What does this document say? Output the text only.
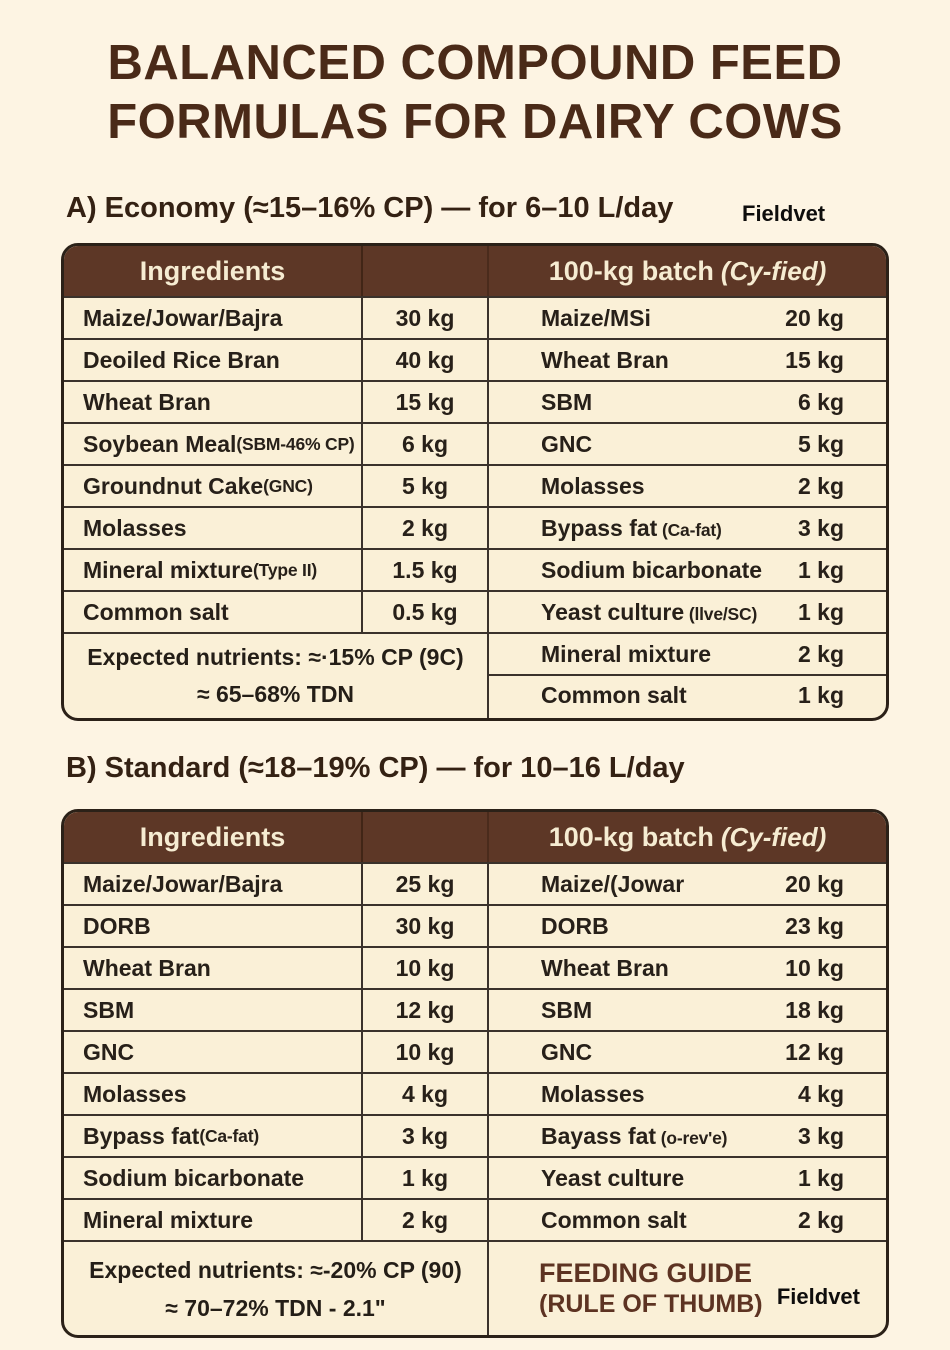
BALANCED COMPOUND FEED
FORMULAS FOR DAIRY COWS
A) Economy (≈15–16% CP) — for 6–10 L/day	Fieldvet
Ingredients	100-kg batch (Cy-fied)
Maize/Jowar/Bajra	30 kg	Maize/MSi	20 kg
Deoiled Rice Bran	40 kg	Wheat Bran	15 kg
Wheat Bran	15 kg	SBM	6 kg
Soybean Meal (SBM-46% CP)	6 kg	GNC	5 kg
Groundnut Cake (GNC)	5 kg	Molasses	2 kg
Molasses	2 kg	Bypass fat (Ca-fat)	3 kg
Mineral mixture (Type II)	1.5 kg	Sodium bicarbonate 1 kg
Common salt	0.5 kg	Yeast culture (llve/SC) 1 kg
Expected nutrients: ≈·15% CP (9C)
≈ 65–68% TDN
Mineral mixture	2 kg
Common salt	1 kg
B) Standard (≈18–19% CP) — for 10–16 L/day
Ingredients	100-kg batch (Cy-fied)
Maize/Jowar/Bajra	25 kg	Maize/(Jowar	20 kg
DORB	30 kg	DORB	23 kg
Wheat Bran	10 kg	Wheat Bran	10 kg
SBM	12 kg	SBM	18 kg
GNC	10 kg	GNC	12 kg
Molasses	4 kg	Molasses	4 kg
Bypass fat (Ca-fat)	3 kg	Bayass fat (o-rev'e)	3 kg
Sodium bicarbonate	1 kg	Yeast culture	1 kg
Mineral mixture	2 kg	Common salt	2 kg
Expected nutrients: ≈-20% CP (90)
≈ 70–72% TDN - 2.1"
FEEDING GUIDE
(RULE OF THUMB) Fieldvet
